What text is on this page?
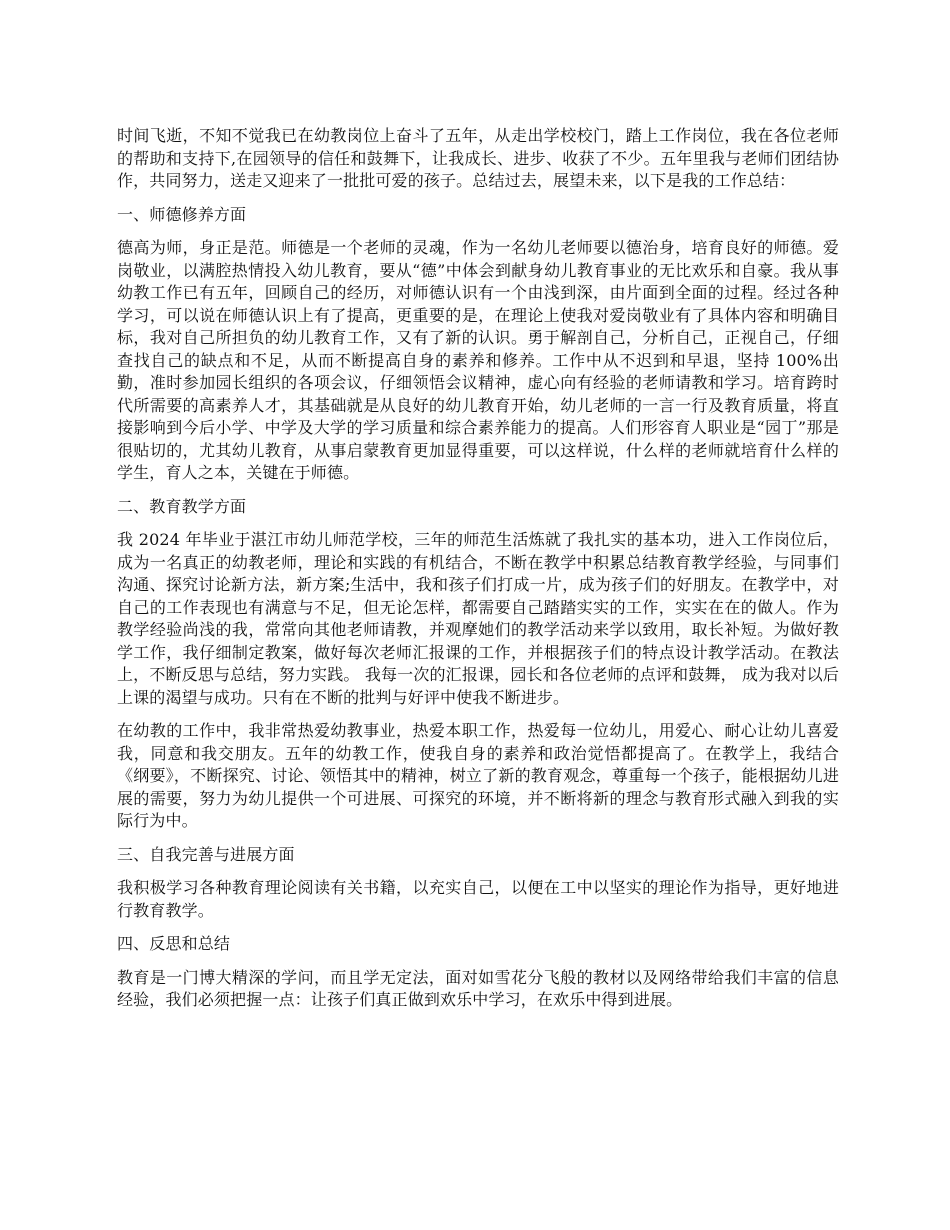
时间飞逝，不知不觉我已在幼教岗位上奋斗了五年，从走出学校校门，踏上工作岗位，我在各位老师的帮助和支持下,在园领导的信任和鼓舞下，让我成长、进步、收获了不少。五年里我与老师们团结协作，共同努力，送走又迎来了一批批可爱的孩子。总结过去，展望未来，以下是我的工作总结：

一、师德修养方面

德高为师，身正是范。师德是一个老师的灵魂，作为一名幼儿老师要以德治身，培育良好的师德。爱岗敬业，以满腔热情投入幼儿教育，要从“德”中体会到献身幼儿教育事业的无比欢乐和自豪。我从事幼教工作已有五年，回顾自己的经历，对师德认识有一个由浅到深，由片面到全面的过程。经过各种学习，可以说在师德认识上有了提高，更重要的是，在理论上使我对爱岗敬业有了具体内容和明确目标，我对自己所担负的幼儿教育工作，又有了新的认识。勇于解剖自己，分析自己，正视自己，仔细查找自己的缺点和不足，从而不断提高自身的素养和修养。工作中从不迟到和早退，坚持 100%出勤，准时参加园长组织的各项会议，仔细领悟会议精神，虚心向有经验的老师请教和学习。培育跨时代所需要的高素养人才，其基础就是从良好的幼儿教育开始，幼儿老师的一言一行及教育质量，将直接影响到今后小学、中学及大学的学习质量和综合素养能力的提高。人们形容育人职业是“园丁”那是很贴切的，尤其幼儿教育，从事启蒙教育更加显得重要，可以这样说，什么样的老师就培育什么样的学生，育人之本，关键在于师德。

二、教育教学方面

我 2024 年毕业于湛江市幼儿师范学校，三年的师范生活炼就了我扎实的基本功，进入工作岗位后，成为一名真正的幼教老师，理论和实践的有机结合，不断在教学中积累总结教育教学经验，与同事们沟通、探究讨论新方法，新方案;生活中，我和孩子们打成一片，成为孩子们的好朋友。在教学中，对自己的工作表现也有满意与不足，但无论怎样，都需要自己踏踏实实的工作，实实在在的做人。作为教学经验尚浅的我，常常向其他老师请教，并观摩她们的教学活动来学以致用，取长补短。为做好教学工作，我仔细制定教案，做好每次老师汇报课的工作，并根据孩子们的特点设计教学活动。在教法上，不断反思与总结，努力实践。 我每一次的汇报课，园长和各位老师的点评和鼓舞， 成为我对以后上课的渴望与成功。只有在不断的批判与好评中使我不断进步。

在幼教的工作中，我非常热爱幼教事业，热爱本职工作，热爱每一位幼儿，用爱心、耐心让幼儿喜爱我，同意和我交朋友。五年的幼教工作，使我自身的素养和政治觉悟都提高了。在教学上，我结合《纲要》，不断探究、讨论、领悟其中的精神，树立了新的教育观念，尊重每一个孩子，能根据幼儿进展的需要，努力为幼儿提供一个可进展、可探究的环境，并不断将新的理念与教育形式融入到我的实际行为中。

三、自我完善与进展方面

我积极学习各种教育理论阅读有关书籍，以充实自己，以便在工中以坚实的理论作为指导，更好地进行教育教学。

四、反思和总结

教育是一门博大精深的学问，而且学无定法，面对如雪花分飞般的教材以及网络带给我们丰富的信息经验，我们必须把握一点：让孩子们真正做到欢乐中学习，在欢乐中得到进展。
